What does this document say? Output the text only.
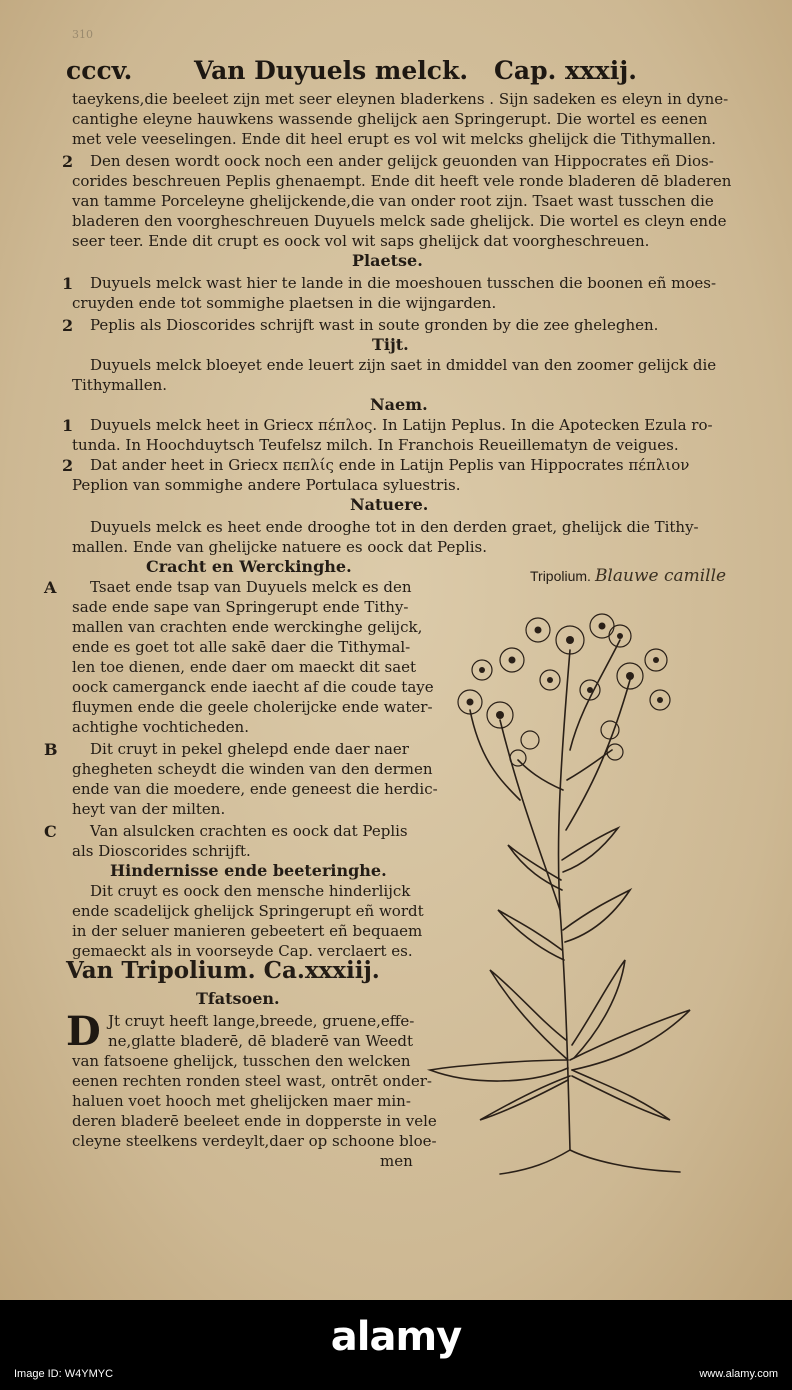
310
cccv. Van Duyuels melck. Cap. xxxij.
taeykens,die beeleet zijn met seer eleynen bladerkens . Sijn sadeken es eleyn in dyne-
cantighe eleyne hauwkens wassende ghelijck aen Springerupt. Die wortel es eenen
met vele veeselingen. Ende dit heel erupt es vol wit melcks ghelijck die Tithymallen.
Den desen wordt oock noch een ander gelijck geuonden van Hippocrates eñ Dios-
corides beschreuen Peplis ghenaempt. Ende dit heeft vele ronde bladeren dē bladeren
van tamme Porceleyne ghelijckende,die van onder root zijn. Tsaet wast tusschen die
bladeren den voorgheschreuen Duyuels melck sade ghelijck. Die wortel es cleyn ende
seer teer. Ende dit crupt es oock vol wit saps ghelijck dat voorgheschreuen.
Plaetse.
Duyuels melck wast hier te lande in die moeshouen tusschen die boonen eñ moes-
cruyden ende tot sommighe plaetsen in die wijngarden.
Peplis als Dioscorides schrijft wast in soute gronden by die zee gheleghen.
Tijt.
Duyuels melck bloeyet ende leuert zijn saet in dmiddel van den zoomer gelijck die
Tithymallen.
Naem.
Duyuels melck heet in Griecx πέπλος. In Latijn Peplus. In die Apotecken Ezula ro-
tunda. In Hoochduytsch Teufelsz milch. In Franchois Reueillematyn de veigues.
Dat ander heet in Griecx πεπλίς ende in Latijn Peplis van Hippocrates πέπλιον
Peplion van sommighe andere Portulaca syluestris.
Natuere.
Duyuels melck es heet ende drooghe tot in den derden graet, ghelijck die Tithy-
mallen. Ende van ghelijcke natuere es oock dat Peplis.
Cracht en Werckinghe.
Tsaet ende tsap van Duyuels melck es den
sade ende sape van Springerupt ende Tithy-
mallen van crachten ende werckinghe gelijck,
ende es goet tot alle sakē daer die Tithymal-
len toe dienen, ende daer om maeckt dit saet
oock camerganck ende iaecht af die coude taye
fluymen ende die geele cholerijcke ende water-
achtighe vochticheden.
Dit cruyt in pekel ghelepd ende daer naer
ghegheten scheydt die winden van den dermen
ende van die moedere, ende geneest die herdic-
heyt van der milten.
Van alsulcken crachten es oock dat Peplis
als Dioscorides schrijft.
Hindernisse ende beeteringhe.
Dit cruyt es oock den mensche hinderlijck
ende scadelijck ghelijck Springerupt eñ wordt
in der seluer manieren gebeetert eñ bequaem
gemaeckt als in voorseyde Cap. verclaert es.
Van Tripolium. Ca.xxxiij.
Tfatsoen.
Jt cruyt heeft lange,breede, gruene,effe-
ne,glatte bladerē, dē bladerē van Weedt
van fatsoene ghelijck, tusschen den welcken
eenen rechten ronden steel wast, ontrēt onder-
haluen voet hooch met ghelijcken maer min-
deren bladerē beeleet ende in dopperste in vele
cleyne steelkens verdeylt,daer op schoone bloe-
men
D
2
1
2
1
2
A
B
C
Tripolium. Blauwe camille
alamy
Image ID: W4YMYC	www.alamy.com
